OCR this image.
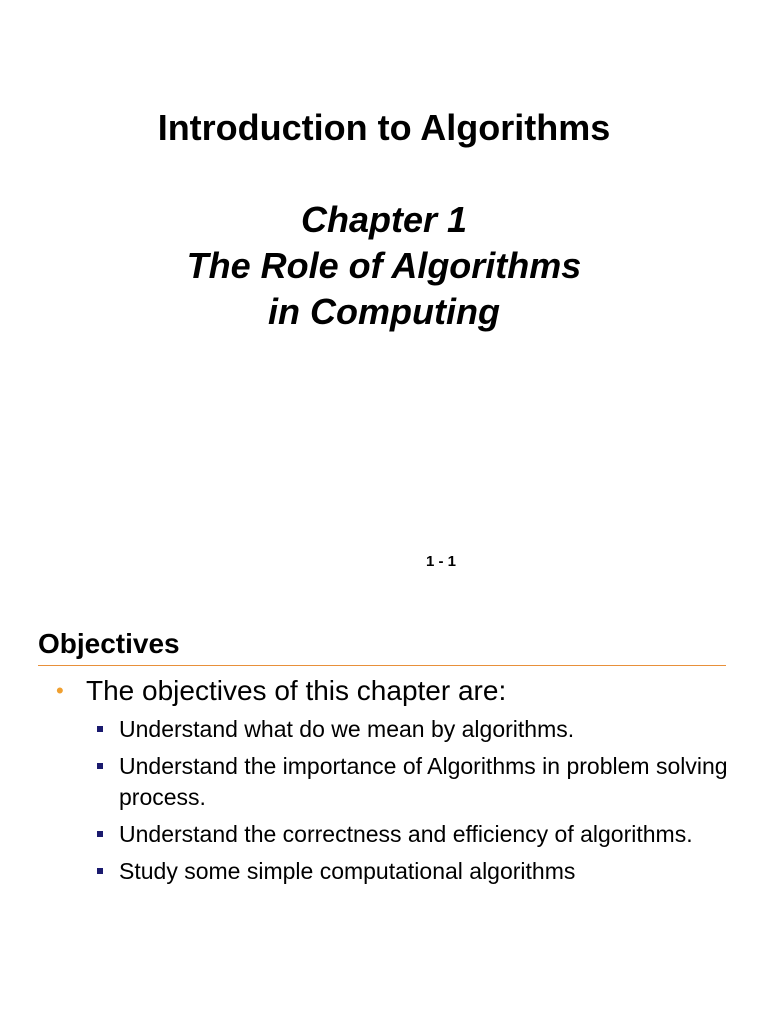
Introduction to Algorithms
Chapter 1
The Role of Algorithms
in Computing
1 - 1
Objectives
• The objectives of this chapter are:
Understand what do we mean by algorithms.
Understand the importance of Algorithms in problem solving process.
Understand the correctness and efficiency of algorithms.
Study some simple computational algorithms
